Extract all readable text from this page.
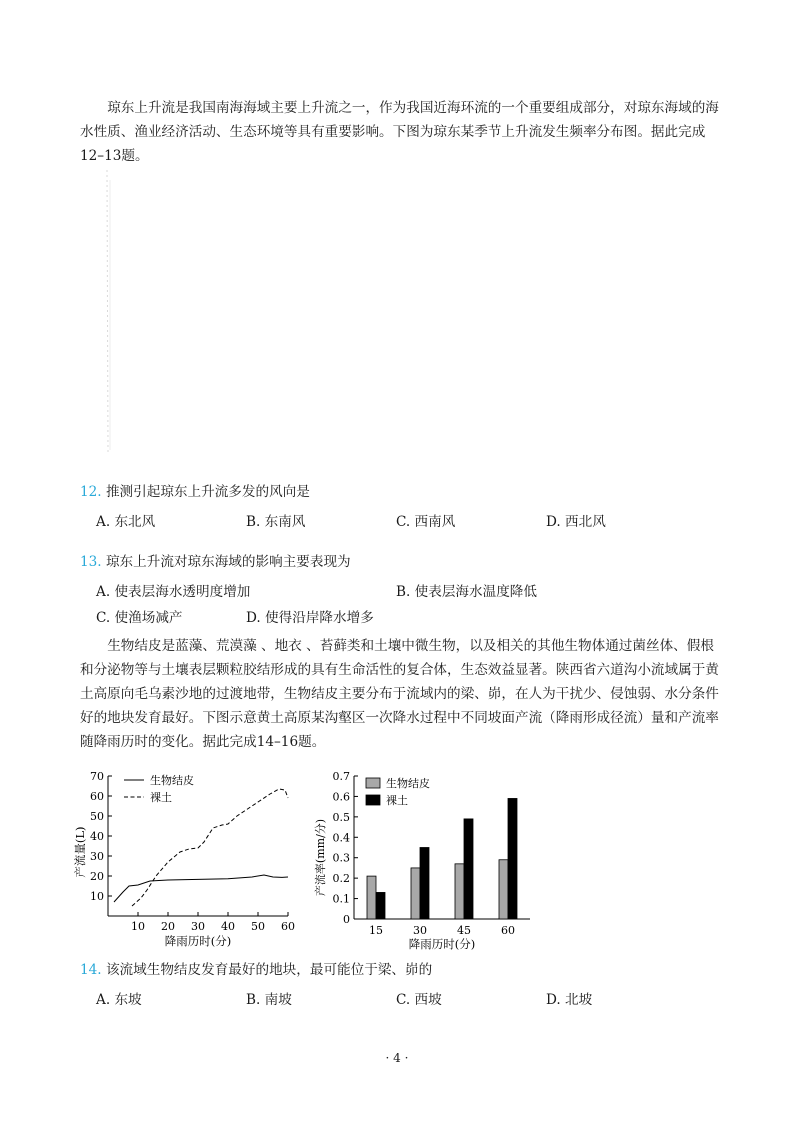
琼东上升流是我国南海海域主要上升流之一，作为我国近海环流的一个重要组成部分，对琼东海域的海水性质、渔业经济活动、生态环境等具有重要影响。下图为琼东某季节上升流发生频率分布图。据此完成12–13题。

12. 推测引起琼东上升流多发的风向是
A. 东北风	B. 东南风	C. 西南风	D. 西北风
13. 琼东上升流对琼东海域的影响主要表现为
A. 使表层海水透明度增加	B. 使表层海水温度降低
C. 使渔场减产	D. 使得沿岸降水增多

生物结皮是蓝藻、荒漠藻 、地衣 、苔藓类和土壤中微生物，以及相关的其他生物体通过菌丝体、假根和分泌物等与土壤表层颗粒胶结形成的具有生命活性的复合体，生态效益显著。陕西省六道沟小流域属于黄土高原向毛乌素沙地的过渡地带，生物结皮主要分布于流域内的梁、峁，在人为干扰少、侵蚀弱、水分条件好的地块发育最好。下图示意黄土高原某沟壑区一次降水过程中不同坡面产流（降雨形成径流）量和产流率随降雨历时的变化。据此完成14–16题。

10
20
30
40
50
60
70
10 20 30 40 50 60
降雨历时(分)
产流量(L)
生物结皮
裸土
0
0.1
0.2
0.3
0.4
0.5
0.6
0.7
15	30	45	60
降雨历时(分)
产流率(mm/分)
生物结皮
裸土
14. 该流域生物结皮发育最好的地块，最可能位于梁、峁的
A. 东坡	B. 南坡	C. 西坡	D. 北坡
· 4 ·
